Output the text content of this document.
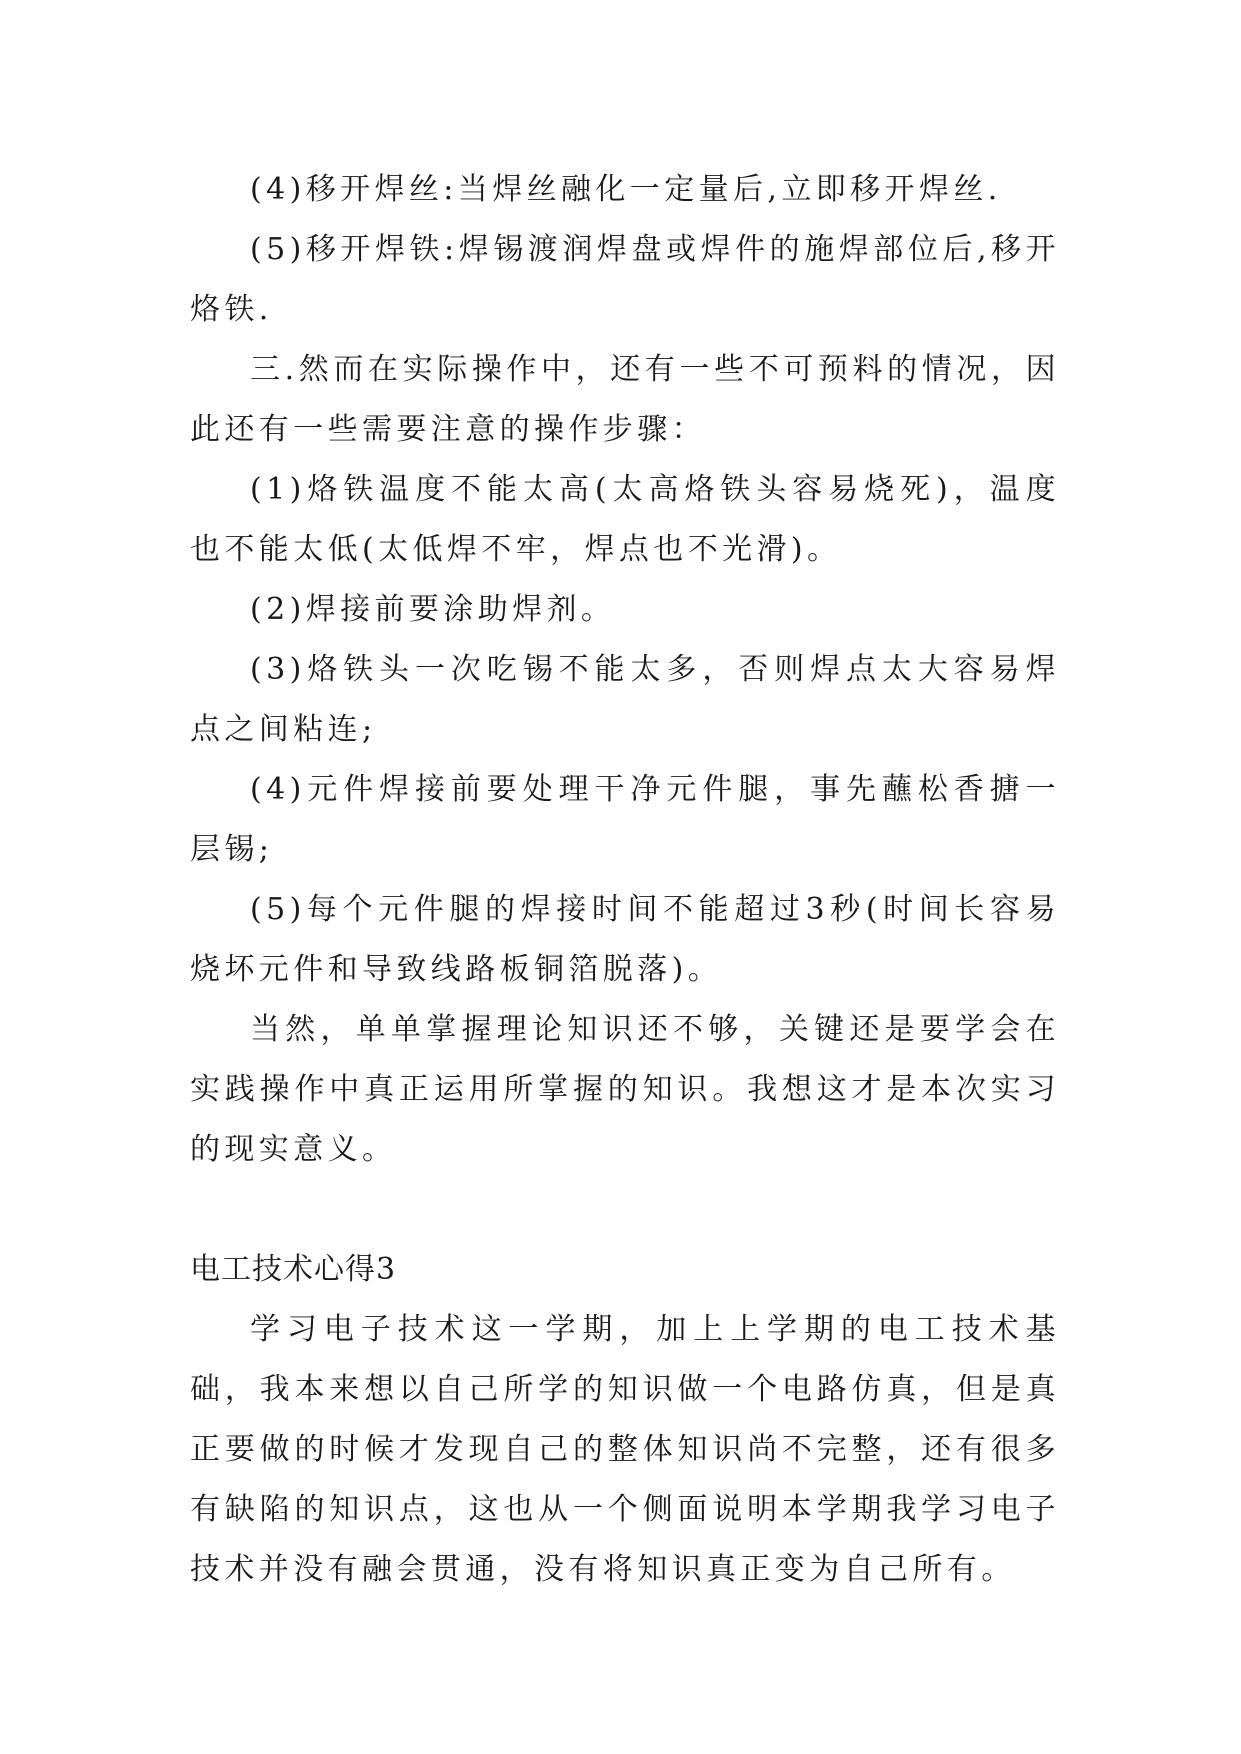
(4)移开焊丝:当焊丝融化一定量后,立即移开焊丝.

(5)移开焊铁:焊锡渡润焊盘或焊件的施焊部位后,移开烙铁.

三.然而在实际操作中，还有一些不可预料的情况，因此还有一些需要注意的操作步骤：

(1)烙铁温度不能太高(太高烙铁头容易烧死)，温度也不能太低(太低焊不牢，焊点也不光滑)。

(2)焊接前要涂助焊剂。

(3)烙铁头一次吃锡不能太多，否则焊点太大容易焊点之间粘连;

(4)元件焊接前要处理干净元件腿，事先蘸松香搪一层锡;

(5)每个元件腿的焊接时间不能超过3秒(时间长容易烧坏元件和导致线路板铜箔脱落)。

当然，单单掌握理论知识还不够，关键还是要学会在实践操作中真正运用所掌握的知识。我想这才是本次实习的现实意义。

电工技术心得3

学习电子技术这一学期，加上上学期的电工技术基础，我本来想以自己所学的知识做一个电路仿真，但是真正要做的时候才发现自己的整体知识尚不完整，还有很多有缺陷的知识点，这也从一个侧面说明本学期我学习电子技术并没有融会贯通，没有将知识真正变为自己所有。
